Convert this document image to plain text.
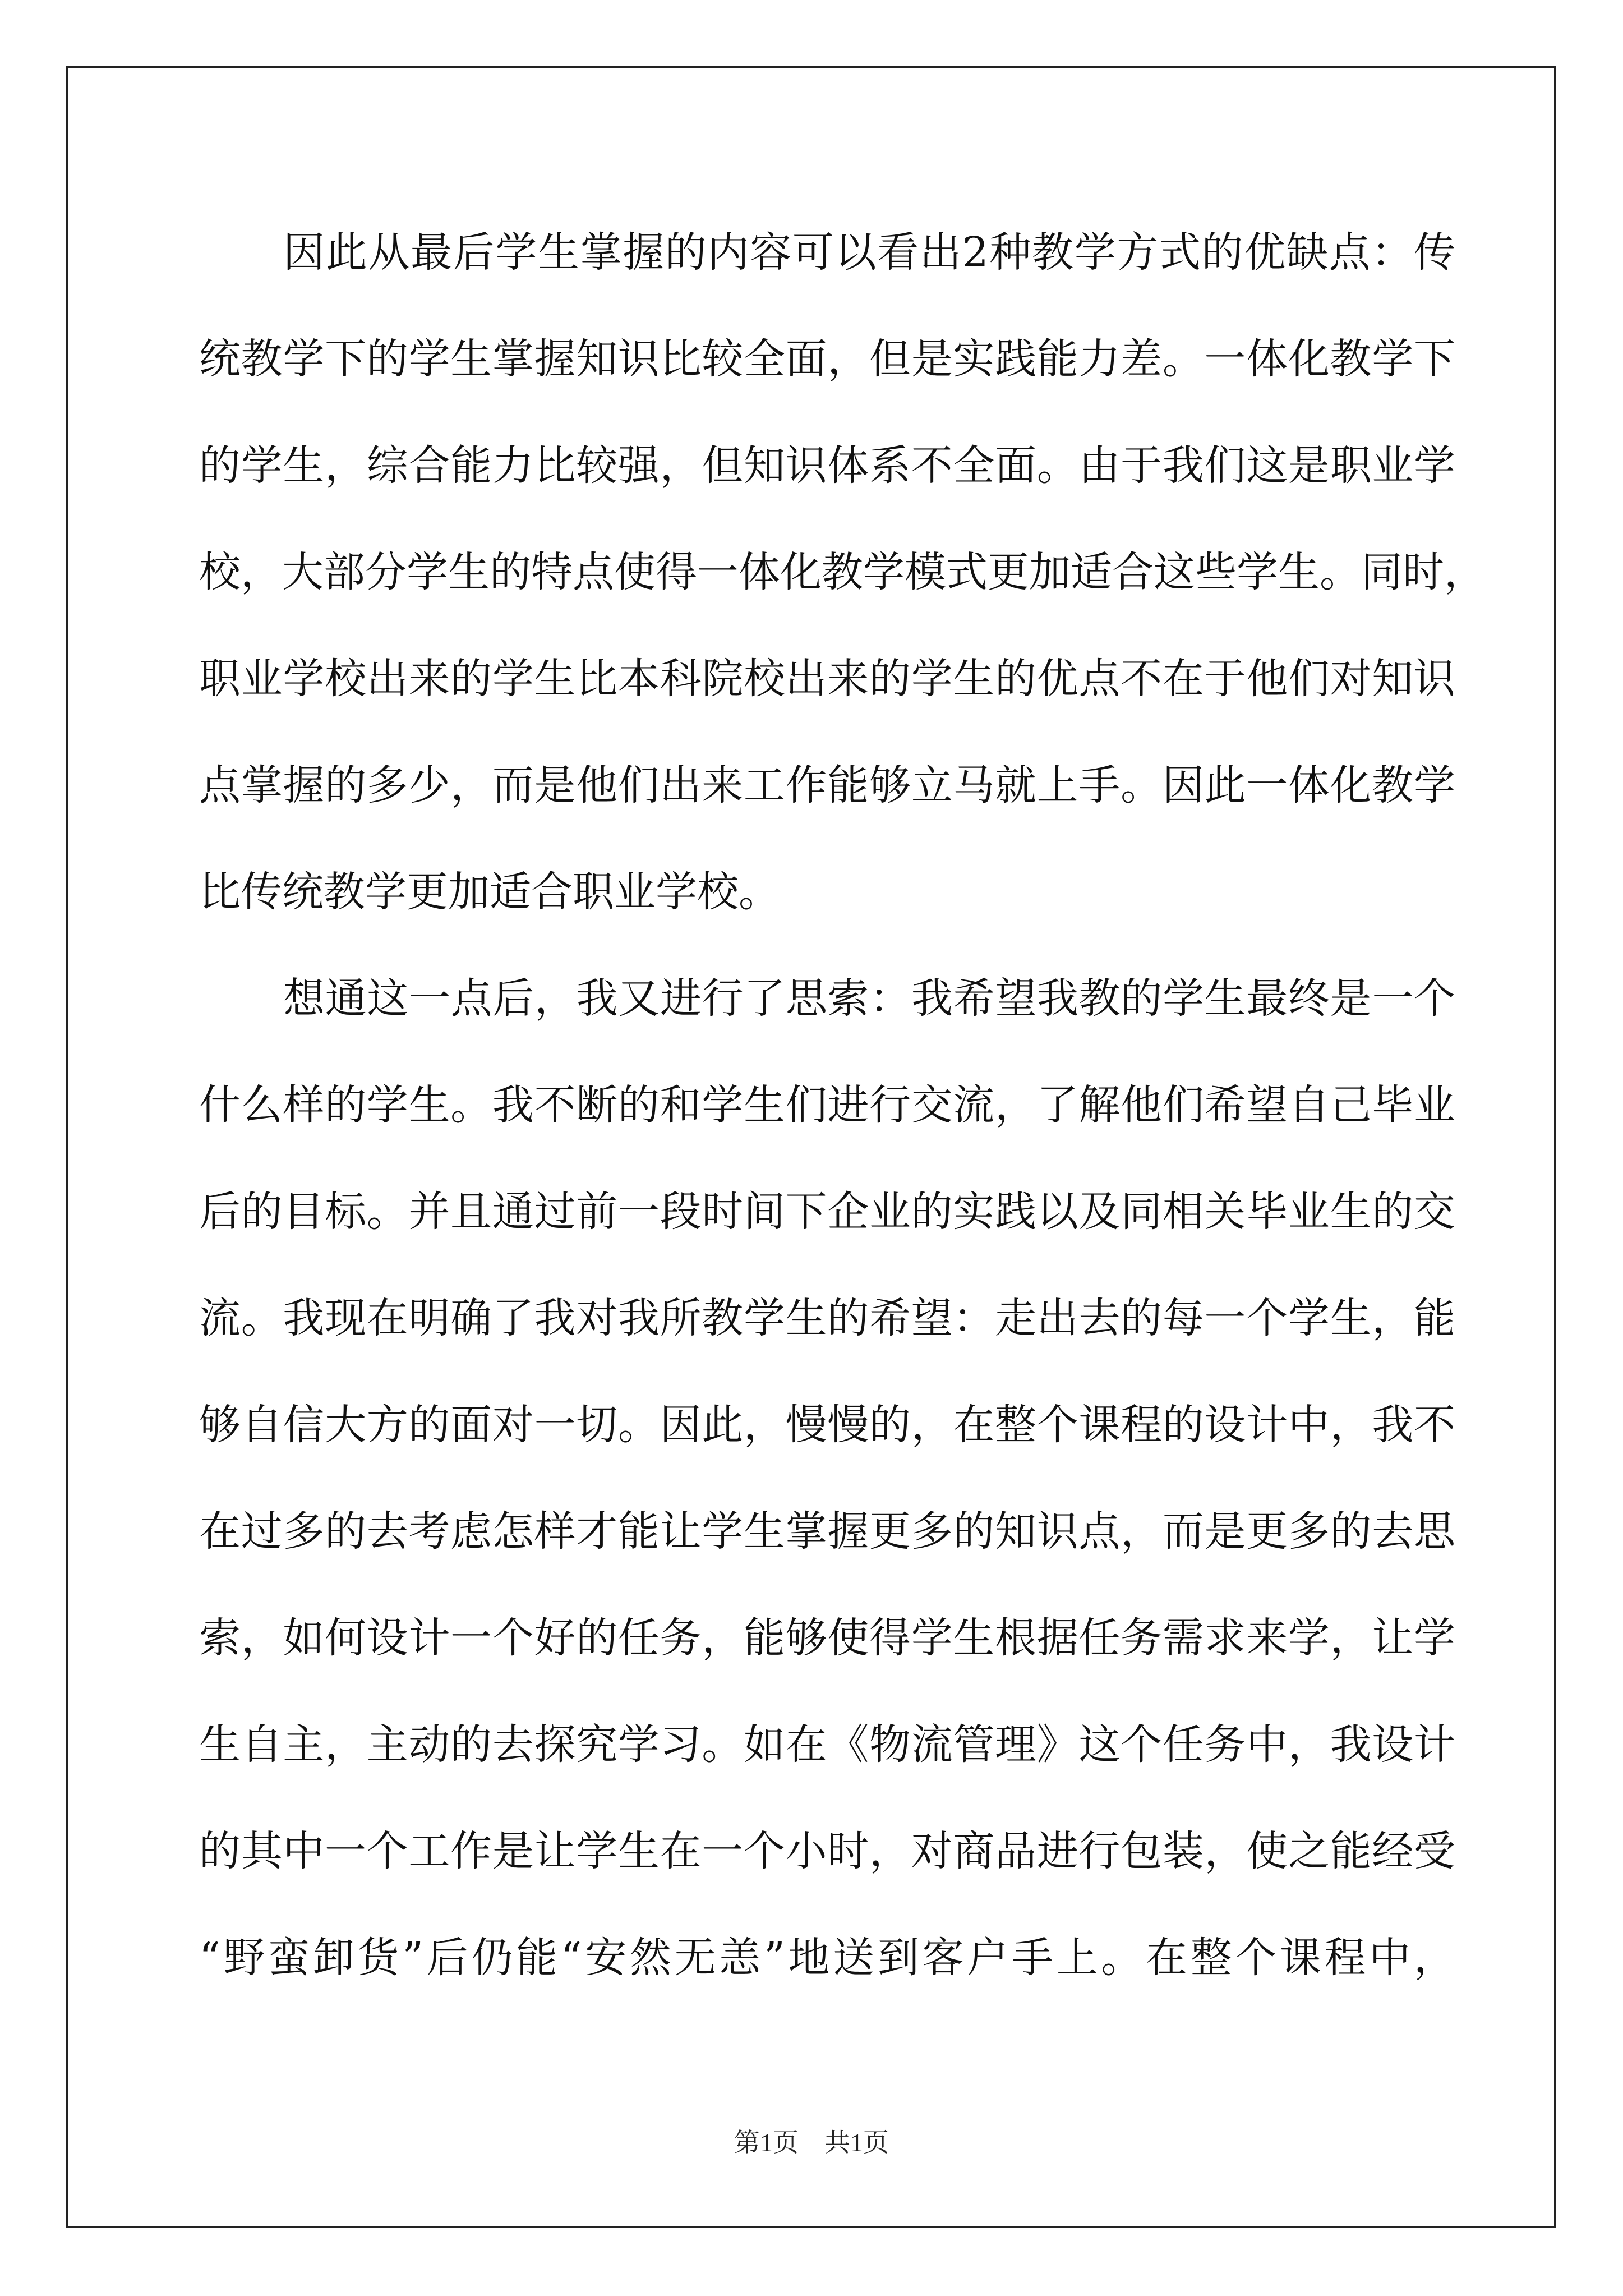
因此从最后学生掌握的内容可以看出2种教学方式的优缺点：传
统教学下的学生掌握知识比较全面，但是实践能力差。一体化教学下
的学生，综合能力比较强，但知识体系不全面。由于我们这是职业学
校，大部分学生的特点使得一体化教学模式更加适合这些学生。同时，
职业学校出来的学生比本科院校出来的学生的优点不在于他们对知识
点掌握的多少，而是他们出来工作能够立马就上手。因此一体化教学
比传统教学更加适合职业学校。
想通这一点后，我又进行了思索：我希望我教的学生最终是一个
什么样的学生。我不断的和学生们进行交流，了解他们希望自己毕业
后的目标。并且通过前一段时间下企业的实践以及同相关毕业生的交
流。我现在明确了我对我所教学生的希望：走出去的每一个学生，能
够自信大方的面对一切。因此，慢慢的，在整个课程的设计中，我不
在过多的去考虑怎样才能让学生掌握更多的知识点，而是更多的去思
索，如何设计一个好的任务，能够使得学生根据任务需求来学，让学
生自主，主动的去探究学习。如在《物流管理》这个任务中，我设计
的其中一个工作是让学生在一个小时，对商品进行包装，使之能经受
“野蛮卸货”后仍能“安然无恙”地送到客户手上。在整个课程中，
第1页　共1页
